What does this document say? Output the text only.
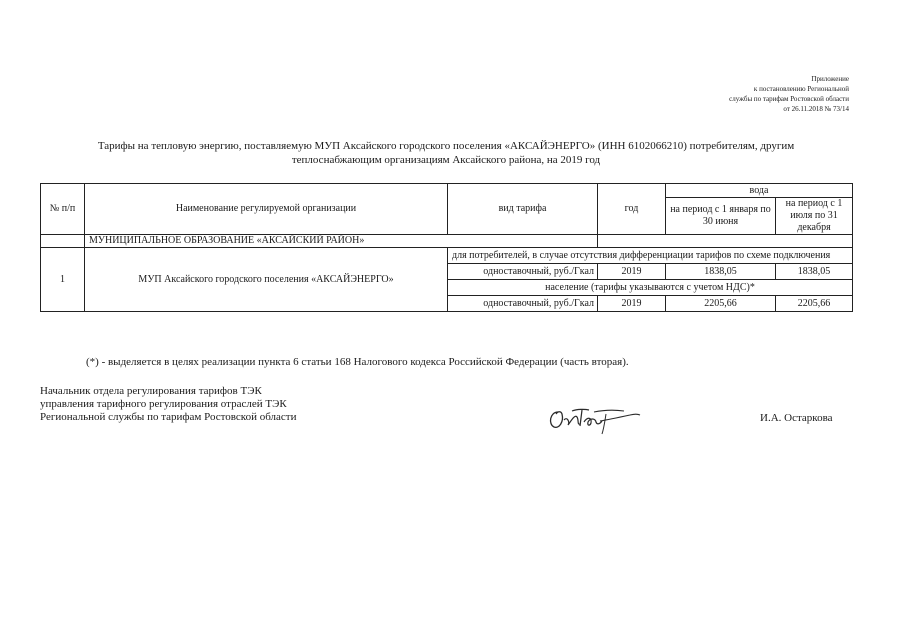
Приложение
к постановлению Региональной
службы по тарифам Ростовской области
от 26.11.2018 № 73/14
Тарифы на тепловую энергию, поставляемую МУП Аксайского городского поселения «АКСАЙЭНЕРГО» (ИНН 6102066210) потребителям, другим
теплоснабжающим организациям Аксайского района, на 2019 год
№ п/п	Наименование регулируемой организации	вид тарифа	год	вода	
				на период с 1 января по 30 июня	на период с 1 июля по 31 декабря
	МУНИЦИПАЛЬНОЕ ОБРАЗОВАНИЕ «АКСАЙСКИЙ РАЙОН»				
1	МУП Аксайского городского поселения «АКСАЙЭНЕРГО»	для потребителей, в случае отсутствия дифференциации тарифов по схеме подключения			
		одноставочный, руб./Гкал	2019	1838,05	1838,05
		население (тарифы указываются с учетом НДС)*			
		одноставочный, руб./Гкал	2019	2205,66	2205,66
(*) - выделяется в целях реализации пункта 6 статьи 168 Налогового кодекса Российской Федерации (часть вторая).
Начальник отдела регулирования тарифов ТЭК
управления тарифного регулирования отраслей ТЭК
Региональной службы по тарифам Ростовской области	И.А. Остаркова
